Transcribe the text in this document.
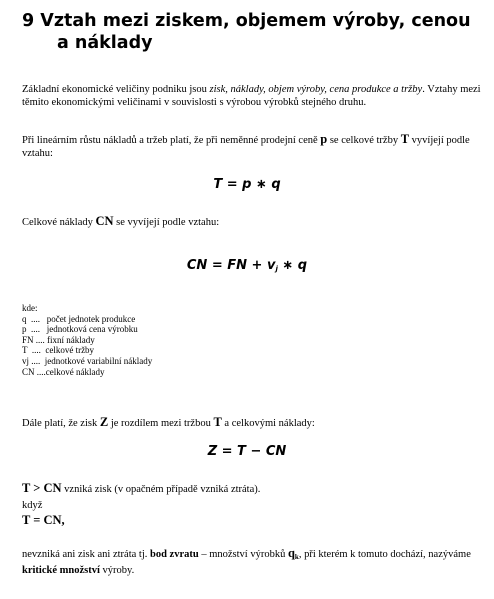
9 Vztah mezi ziskem, objemem výroby, cenou
a náklady
Základní ekonomické veličiny podniku jsou zisk, náklady, objem výroby, cena produkce a tržby. Vztahy mezi těmito ekonomickými veličinami v souvislosti s výrobou výrobků stejného druhu.
Při lineárním růstu nákladů a tržeb platí, že při neměnné prodejní ceně p se celkové tržby T vyvíjejí podle vztahu:
T = p ∗ q
Celkové náklady CN se vyvíjejí podle vztahu:
CN = FN + $v_j$ ∗ q
kde:
q  ....   počet jednotek produkce
p  ....   jednotková cena výrobku
FN .... fixní náklady
T  ....  celkové tržby
vj ....  jednotkové variabilní náklady
CN ....celkové náklady
Dále platí, že zisk Z je rozdílem mezi tržbou T a celkovými náklady:
Z = T − CN
T > CN vzniká zisk (v opačném případě vzniká ztráta).
když
T = CN,
nevzniká ani zisk ani ztráta tj. bod zvratu – množství výrobků $q_k$, při kterém k tomuto dochází, nazýváme kritické množství výroby.
